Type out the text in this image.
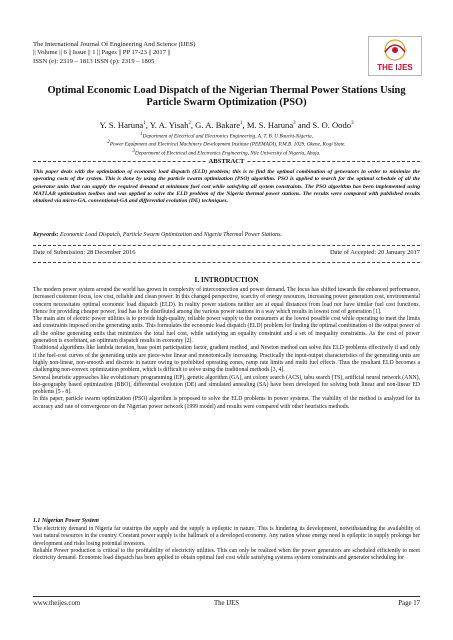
The International Journal Of Engineering And Science (IJES)
|| Volume || 6 || Issue || 1 || Pages || PP 17-23 || 2017 ||
ISSN (e): 2319 – 1813 ISSN (p): 2319 – 1805
THE IJES
Optimal Economic Load Dispatch of the Nigerian Thermal Power Stations Using Particle Swarm Optimization (PSO)
Y. S. Haruna$^1$, Y. A. Yisah$^2$, G. A. Bakare$^1$, M. S. Haruna$^3$ and S. O. Oodo$^3$
$^1$Department of Electrical and Electronics Engineering, A. T. B. U Bauchi-Nigeria,
$^2$Power Equipment and Electrical Machinery Development Institute (PEEMADI), P.M.B. 1029, Okene, Kogi State.
$^3$Department of Electrical and Electronics Engineering, Nile University of Nigeria, Abuja.
ABSTRACT
This paper deals with the optimization of economic load dispatch (ELD) problem; this is to find the optimal combination of generators in order to minimize the operating costs of the system. This is done by using the particle swarm optimization (PSO) algorithm. PSO is applied to search for the optimal schedule of all the generator units that can supply the required demand at minimum fuel cost while satisfying all system constraints. The PSO algorithm has been implemented using MATLAB optimization toolbox and was applied to solve the ELD problem of the Nigeria thermal power stations. The results were compared with published results obtained via micro-GA, conventional-GA and differential evolution (DE) techniques.
Keywords: Economic Load Dispatch, Particle Swarm Optimization and Nigeria Thermal Power Stations.
Date of Submission: 28 December 2016	Date of Accepted: 20 January 2017
I. INTRODUCTION

The modern power system around the world has grown in complexity of interconnection and power demand. The focus has shifted towards the enhanced performance, increased customer focus, low cost, reliable and clean power. In this changed perspective, scarcity of energy resources, increasing power generation cost, environmental concern necessitates optimal economic load dispatch (ELD). In reality power stations neither are at equal distances from load nor have similar fuel cost functions. Hence for providing cheaper power, load has to be distributed among the various power stations in a way which results in lowest cost of generation [1].

The main aim of electric power utilities is to provide high-quality, reliable power supply to the consumers at the lowest possible cost while operating to meet the limits and constraints imposed on the generating units. This formulates the economic load dispatch (ELD) problem for finding the optimal combination of the output power of all the online generating units that minimizes the total fuel cost, while satisfying an equality constraint and a set of inequality constraints. As the cost of power generation is exorbitant, an optimum dispatch results in economy [2].

Traditional algorithms like lambda iteration, base point participation factor, gradient method, and Newton method can solve this ELD problems effectively if and only if the fuel-cost curves of the generating units are piece-wise linear and monotonically increasing. Practically the input-output characteristics of the generating units are highly non-linear, non-smooth and discrete in nature owing to prohibited operating zones, ramp rate limits and multi fuel effects. Thus the resultant ELD becomes a challenging non-convex optimization problem, which is difficult to solve using the traditional methods [3, 4].

Several heuristic approaches like evolutionary programming (EP), genetic algorithm (GA), ant colony search (ACS), tabu search (TS), artificial neural network (ANN), bio-geography based optimization (BBO), differential evolution (DE) and simulated annealing (SA) have been developed for solving both linear and non-linear ED problems [5 - 8].

In this paper, particle swarm optimization (PSO) algorithm is proposed to solve the ELD problems in power systems. The viability of the method is analyzed for its accuracy and rate of convergence on the Nigerian power network (1999 model) and results were compared with other heuristics methods.

1.1 Nigerian Power System

The electricity demand in Nigeria far outstrips the supply and the supply is epileptic in nature. This is hindering its development, notwithstanding the availability of vast natural resources in the country. Constant power supply is the hallmark of a developed economy. Any nation whose energy need is epileptic in supply prolongs her development and risks losing potential investors.

Reliable Power production is critical to the profitability of electricity utilities. This can only be realized when the power generators are scheduled efficiently to meet electricity demand. Economic load dispatch has been applied to obtain optimal fuel cost while satisfying systems system constraints and generator scheduling for

www.theijes.com	The IJES	Page 17
